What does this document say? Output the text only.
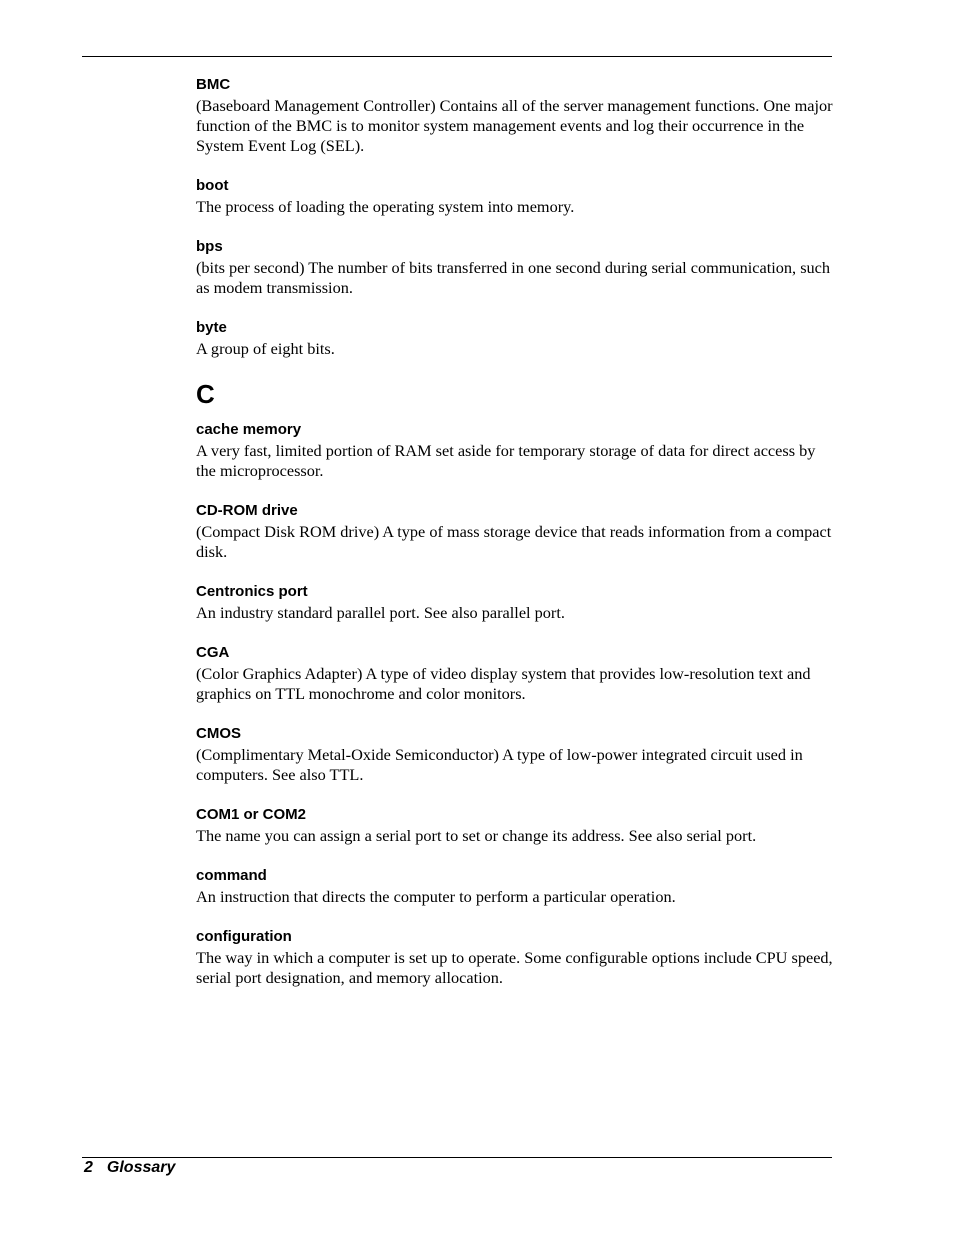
BMC

(Baseboard Management Controller) Contains all of the server management functions. One major function of the BMC is to monitor system management events and log their occurrence in the System Event Log (SEL).

boot

The process of loading the operating system into memory.

bps

(bits per second) The number of bits transferred in one second during serial communication, such as modem transmission.

byte

A group of eight bits.

C
cache memory

A very fast, limited portion of RAM set aside for temporary storage of data for direct access by the microprocessor.

CD-ROM drive

(Compact Disk ROM drive) A type of mass storage device that reads information from a compact disk.

Centronics port

An industry standard parallel port. See also parallel port.

CGA

(Color Graphics Adapter) A type of video display system that provides low-resolution text and graphics on TTL monochrome and color monitors.

CMOS

(Complimentary Metal-Oxide Semiconductor) A type of low-power integrated circuit used in computers. See also TTL.

COM1 or COM2

The name you can assign a serial port to set or change its address. See also serial port.

command

An instruction that directs the computer to perform a particular operation.

configuration

The way in which a computer is set up to operate. Some configurable options include CPU speed, serial port designation, and memory allocation.

2 Glossary
